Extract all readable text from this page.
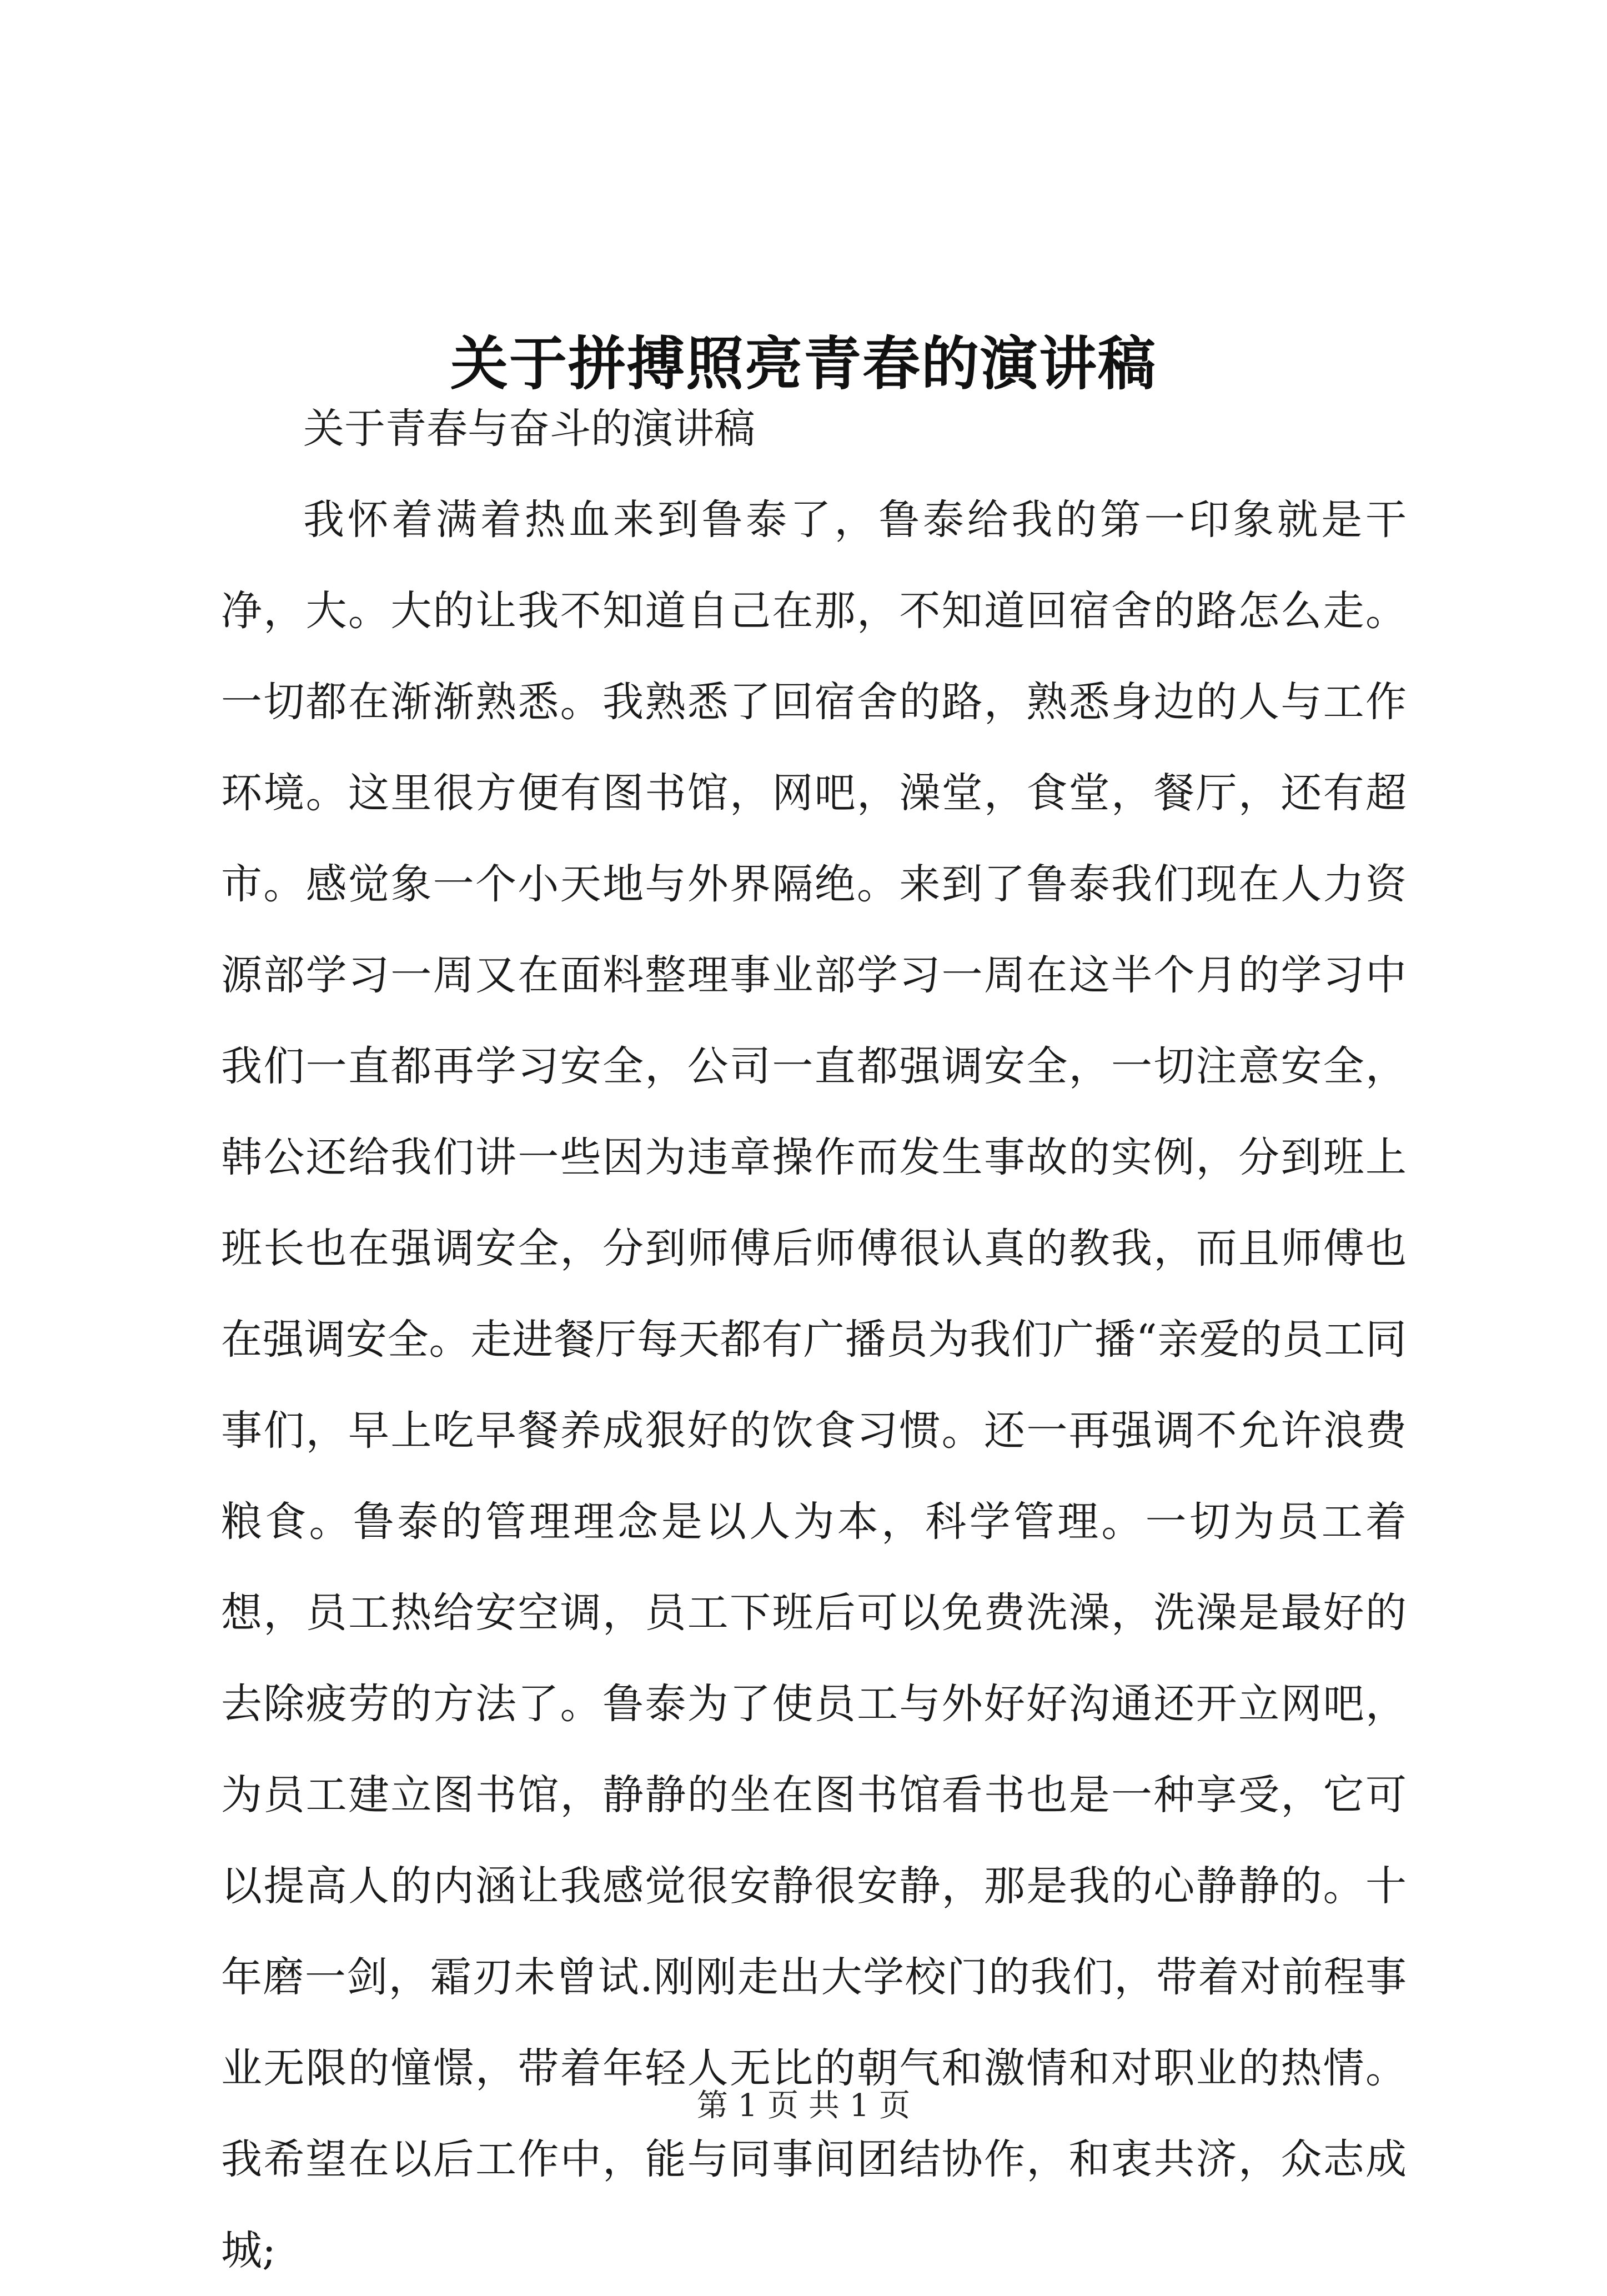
关于拼搏照亮青春的演讲稿

关于青春与奋斗的演讲稿

我怀着满着热血来到鲁泰了，鲁泰给我的第一印象就是干净，大。大的让我不知道自己在那，不知道回宿舍的路怎么走。一切都在渐渐熟悉。我熟悉了回宿舍的路，熟悉身边的人与工作环境。这里很方便有图书馆，网吧，澡堂，食堂，餐厅，还有超市。感觉象一个小天地与外界隔绝。来到了鲁泰我们现在人力资源部学习一周又在面料整理事业部学习一周在这半个月的学习中我们一直都再学习安全，公司一直都强调安全，一切注意安全，韩公还给我们讲一些因为违章操作而发生事故的实例，分到班上班长也在强调安全，分到师傅后师傅很认真的教我，而且师傅也在强调安全。走进餐厅每天都有广播员为我们广播“亲爱的员工同事们，早上吃早餐养成狠好的饮食习惯。还一再强调不允许浪费粮食。鲁泰的管理理念是以人为本，科学管理。一切为员工着想，员工热给安空调，员工下班后可以免费洗澡，洗澡是最好的去除疲劳的方法了。鲁泰为了使员工与外好好沟通还开立网吧，为员工建立图书馆，静静的坐在图书馆看书也是一种享受，它可以提高人的内涵让我感觉很安静很安静，那是我的心静静的。十年磨一剑，霜刃未曾试.刚刚走出大学校门的我们，带着对前程事业无限的憧憬，带着年轻人无比的朝气和激情和对职业的热情。我希望在以后工作中，能与同事间团结协作，和衷共济，众志成城;

第 1 页 共 1 页
